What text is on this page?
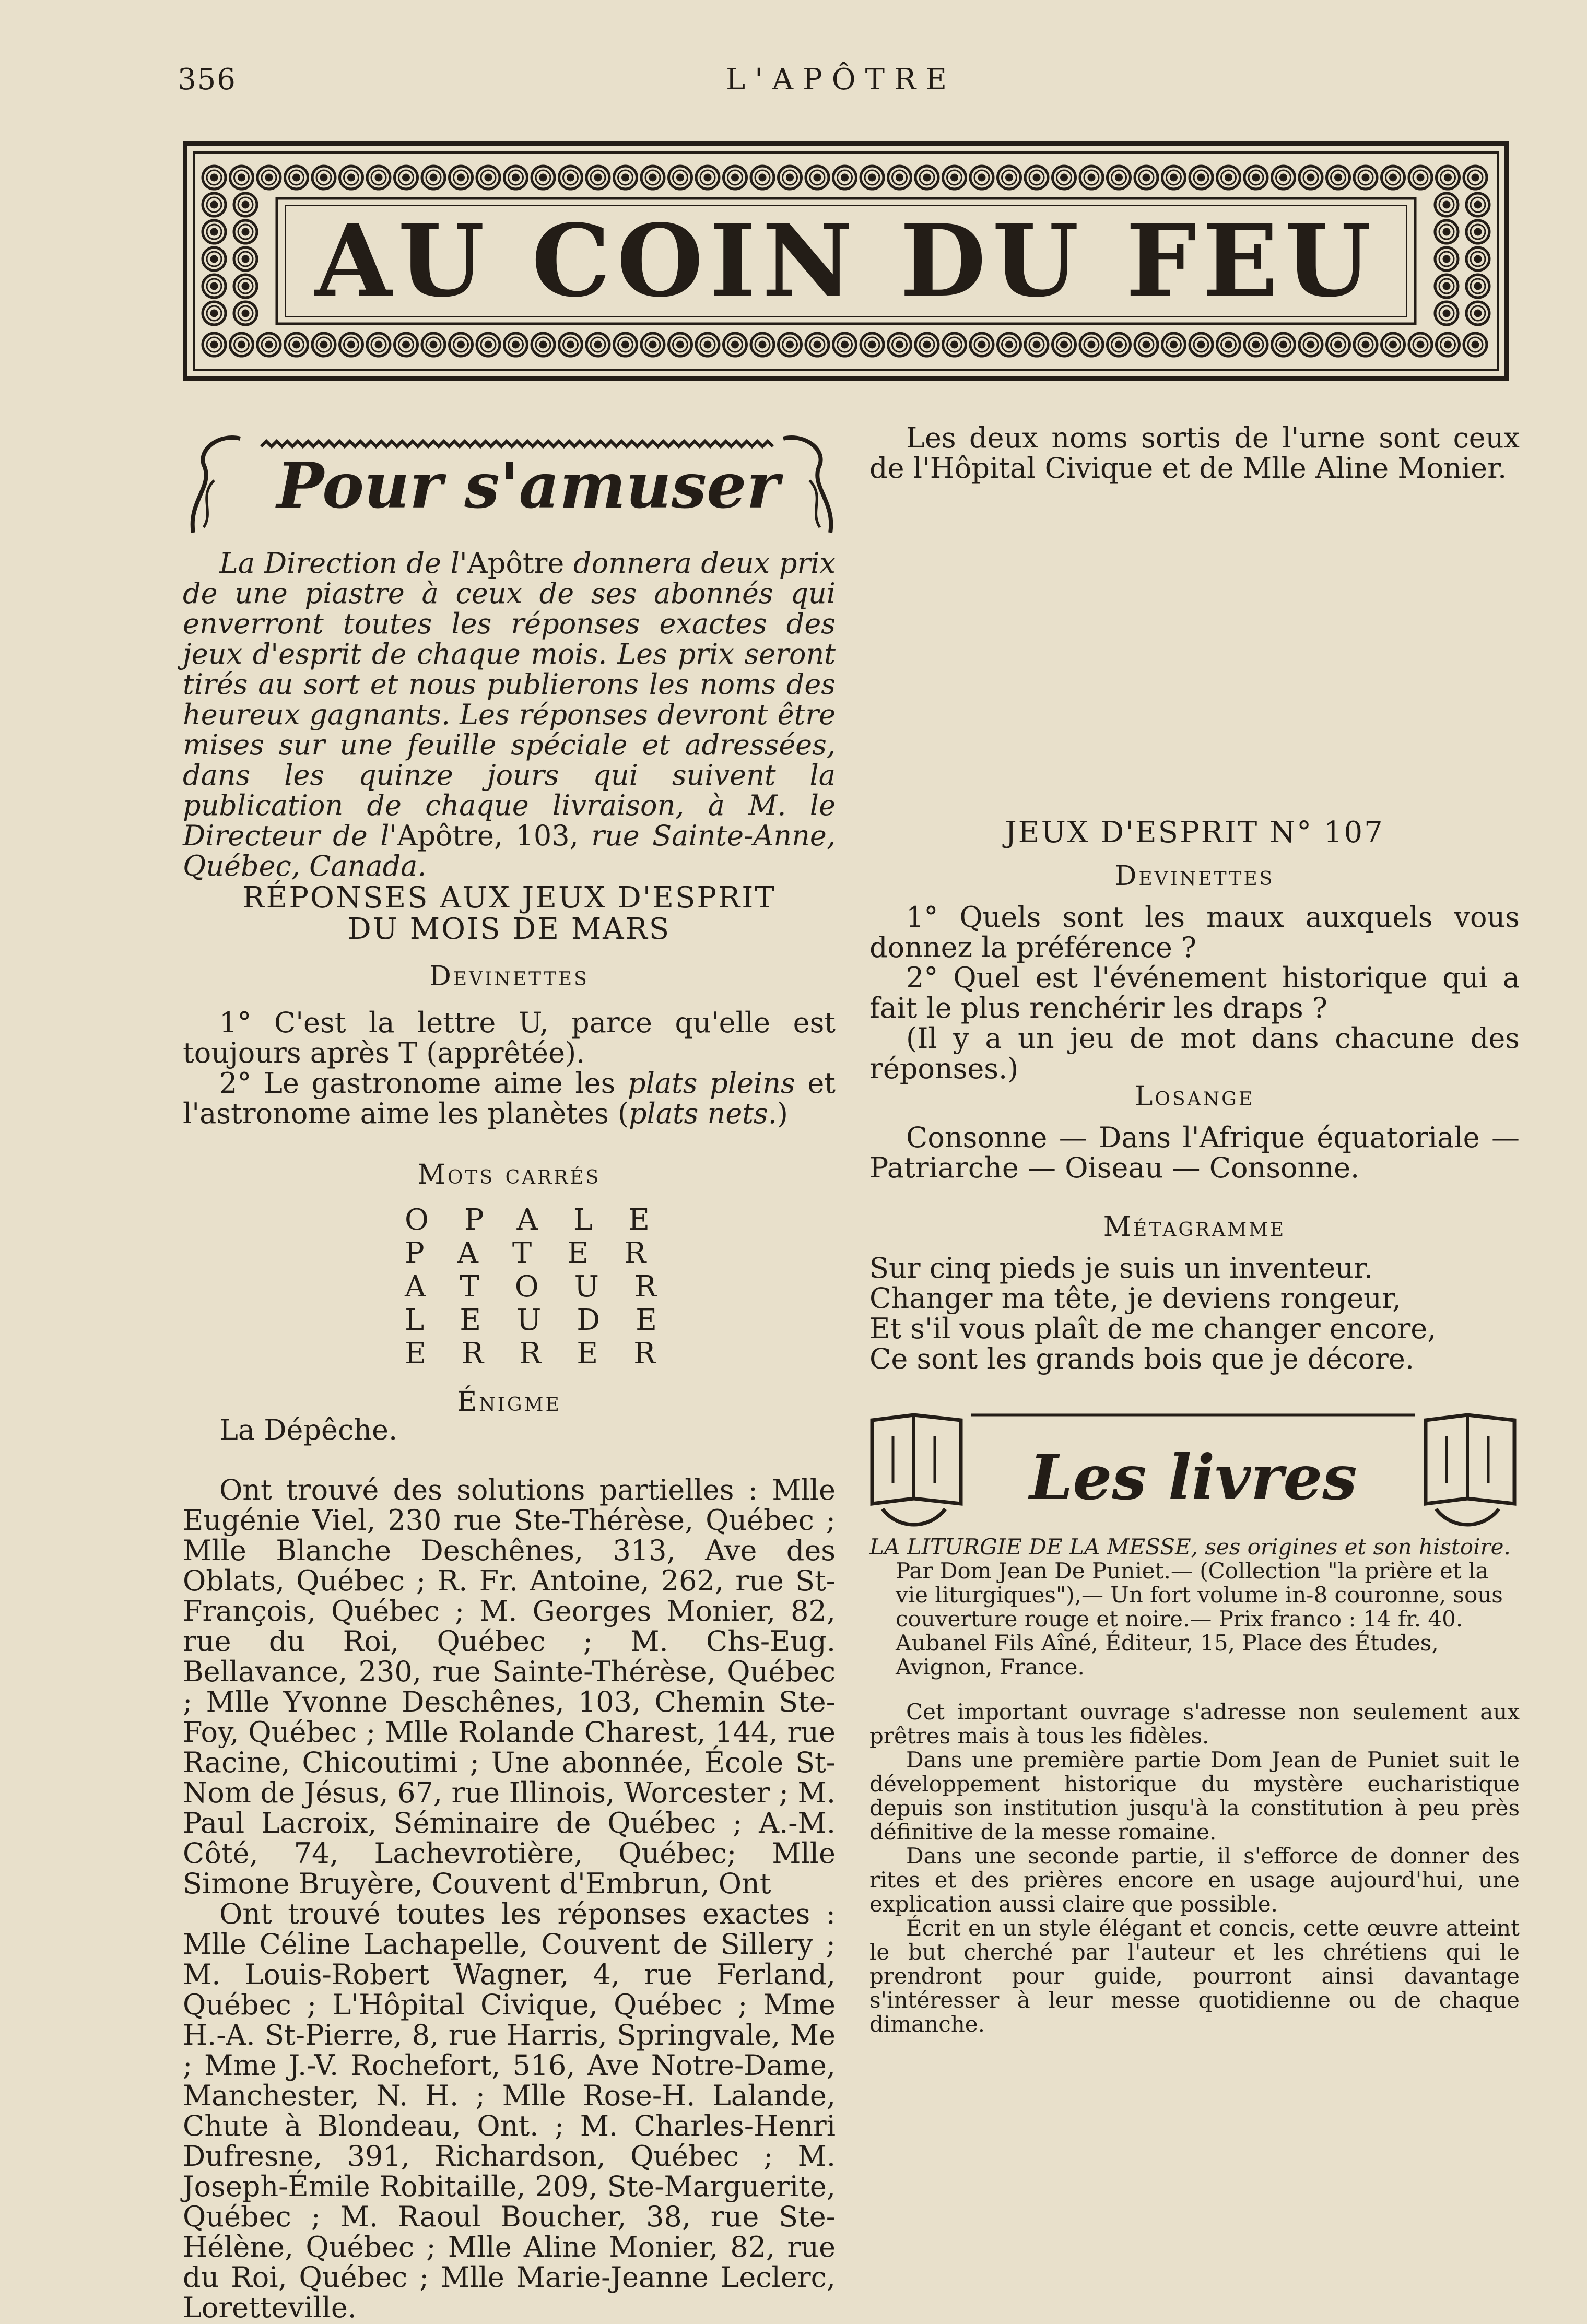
356	L'APÔTRE
AU COIN DU FEU
Pour s'amuser

La Direction de l'Apôtre donnera deux prix de une piastre à ceux de ses abonnés qui enverront toutes les réponses exactes des jeux d'esprit de chaque mois. Les prix seront tirés au sort et nous publierons les noms des heureux gagnants. Les réponses devront être mises sur une feuille spéciale et adressées, dans les quinze jours qui suivent la publication de chaque livraison, à M. le Directeur de l'Apôtre, 103, rue Sainte-Anne, Québec, Canada.

RÉPONSES AUX JEUX D'ESPRIT
DU MOIS DE MARS
Devinettes

1° C'est la lettre U, parce qu'elle est toujours après T (apprêtée).

2° Le gastronome aime les plats pleins et l'astronome aime les planètes (plats nets.)

Mots carrés
OPALE
PATER
ATOUR
LEUDE
ERRER
Énigme

La Dépêche.

Ont trouvé des solutions partielles : Mlle Eugénie Viel, 230 rue Ste-Thérèse, Québec ; Mlle Blanche Deschênes, 313, Ave des Oblats, Québec ; R. Fr. Antoine, 262, rue St-François, Québec ; M. Georges Monier, 82, rue du Roi, Québec ; M. Chs-Eug. Bellavance, 230, rue Sainte-Thérèse, Québec ; Mlle Yvonne Deschênes, 103, Chemin Ste-Foy, Québec ; Mlle Rolande Charest, 144, rue Racine, Chicoutimi ; Une abonnée, École St-Nom de Jésus, 67, rue Illinois, Worcester ; M. Paul Lacroix, Séminaire de Québec ; A.-M. Côté, 74, Lachevrotière, Québec; Mlle Simone Bruyère, Couvent d'Embrun, Ont

Ont trouvé toutes les réponses exactes : Mlle Céline Lachapelle, Couvent de Sillery ; M. Louis-Robert Wagner, 4, rue Ferland, Québec ; L'Hôpital Civique, Québec ; Mme H.-A. St-Pierre, 8, rue Harris, Springvale, Me ; Mme J.-V. Rochefort, 516, Ave Notre-Dame, Manchester, N. H. ; Mlle Rose-H. Lalande, Chute à Blondeau, Ont. ; M. Charles-Henri Dufresne, 391, Richardson, Québec ; M. Joseph-Émile Robitaille, 209, Ste-Marguerite, Québec ; M. Raoul Boucher, 38, rue Ste-Hélène, Québec ; Mlle Aline Monier, 82, rue du Roi, Québec ; Mlle Marie-Jeanne Leclerc, Loretteville.

Les deux noms sortis de l'urne sont ceux de l'Hôpital Civique et de Mlle Aline Monier.

JEUX D'ESPRIT N° 107
Devinettes

1° Quels sont les maux auxquels vous donnez la préférence ?

2° Quel est l'événement historique qui a fait le plus renchérir les draps ?

(Il y a un jeu de mot dans chacune des réponses.)

Losange

Consonne — Dans l'Afrique équatoriale — Patriarche — Oiseau — Consonne.

Métagramme

Sur cinq pieds je suis un inventeur.

Changer ma tête, je deviens rongeur,

Et s'il vous plaît de me changer encore,

Ce sont les grands bois que je décore.

Les livres

LA LITURGIE DE LA MESSE, ses origines et son histoire.

Par Dom Jean De Puniet.— (Collection "la prière et la vie liturgiques"),— Un fort volume in-8 couronne, sous couverture rouge et noire.— Prix franco : 14 fr. 40. Aubanel Fils Aîné, Éditeur, 15, Place des Études, Avignon, France.

Cet important ouvrage s'adresse non seulement aux prêtres mais à tous les fidèles.

Dans une première partie Dom Jean de Puniet suit le développement historique du mystère eucharistique depuis son institution jusqu'à la constitution à peu près définitive de la messe romaine.

Dans une seconde partie, il s'efforce de donner des rites et des prières encore en usage aujourd'hui, une explication aussi claire que possible.

Écrit en un style élégant et concis, cette œuvre atteint le but cherché par l'auteur et les chrétiens qui le prendront pour guide, pourront ainsi davantage s'intéresser à leur messe quotidienne ou de chaque dimanche.
